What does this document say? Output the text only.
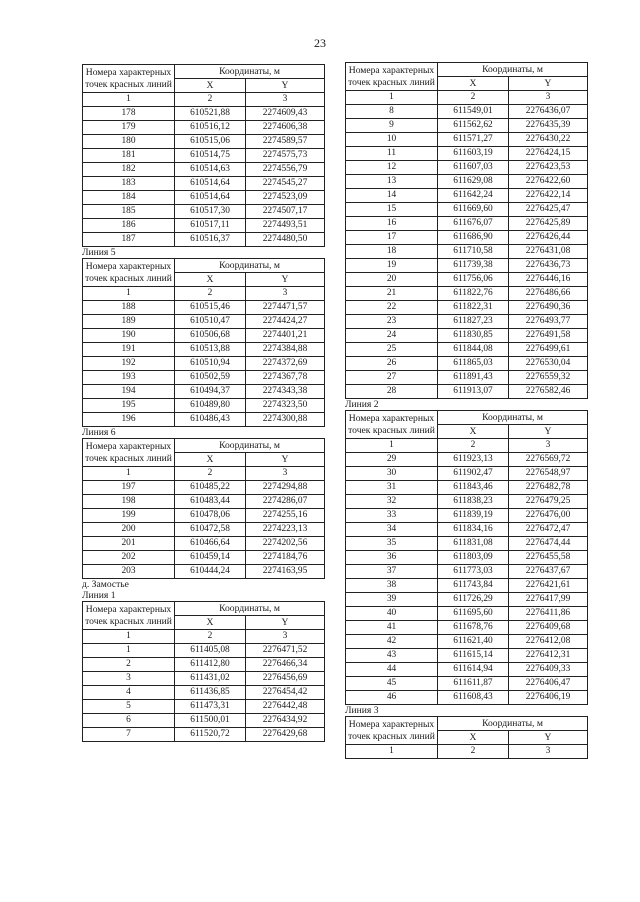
23
Номера характерных точек красных линий	Координаты, м	
	X	Y
1	2	3
178	610521,88	2274609,43
179	610516,12	2274606,38
180	610515,06	2274589,57
181	610514,75	2274575,73
182	610514,63	2274556,79
183	610514,64	2274545,27
184	610514,64	2274523,09
185	610517,30	2274507,17
186	610517,11	2274493,51
187	610516,37	2274480,50

Линия 5

Номера характерных точек красных линий	Координаты, м	
	X	Y
1	2	3
188	610515,46	2274471,57
189	610510,47	2274424,27
190	610506,68	2274401,21
191	610513,88	2274384,88
192	610510,94	2274372,69
193	610502,59	2274367,78
194	610494,37	2274343,38
195	610489,80	2274323,50
196	610486,43	2274300,88

Линия 6

Номера характерных точек красных линий	Координаты, м	
	X	Y
1	2	3
197	610485,22	2274294,88
198	610483,44	2274286,07
199	610478,06	2274255,16
200	610472,58	2274223,13
201	610466,64	2274202,56
202	610459,14	2274184,76
203	610444,24	2274163,95

д. Замостье

Линия 1

Номера характерных точек красных линий	Координаты, м	
	X	Y
1	2	3
1	611405,08	2276471,52
2	611412,80	2276466,34
3	611431,02	2276456,69
4	611436,85	2276454,42
5	611473,31	2276442,48
6	611500,01	2276434,92
7	611520,72	2276429,68
Номера характерных точек красных линий	Координаты, м	
	X	Y
1	2	3
8	611549,01	2276436,07
9	611562,62	2276435,39
10	611571,27	2276430,22
11	611603,19	2276424,15
12	611607,03	2276423,53
13	611629,08	2276422,60
14	611642,24	2276422,14
15	611669,60	2276425,47
16	611676,07	2276425,89
17	611686,90	2276426,44
18	611710,58	2276431,08
19	611739,38	2276436,73
20	611756,06	2276446,16
21	611822,76	2276486,66
22	611822,31	2276490,36
23	611827,23	2276493,77
24	611830,85	2276491,58
25	611844,08	2276499,61
26	611865,03	2276530,04
27	611891,43	2276559,32
28	611913,07	2276582,46

Линия 2

Номера характерных точек красных линий	Координаты, м	
	X	Y
1	2	3
29	611923,13	2276569,72
30	611902,47	2276548,97
31	611843,46	2276482,78
32	611838,23	2276479,25
33	611839,19	2276476,00
34	611834,16	2276472,47
35	611831,08	2276474,44
36	611803,09	2276455,58
37	611773,03	2276437,67
38	611743,84	2276421,61
39	611726,29	2276417,99
40	611695,60	2276411,86
41	611678,76	2276409,68
42	611621,40	2276412,08
43	611615,14	2276412,31
44	611614,94	2276409,33
45	611611,87	2276406,47
46	611608,43	2276406,19

Линия 3

Номера характерных точек красных линий	Координаты, м	
	X	Y
1	2	3
